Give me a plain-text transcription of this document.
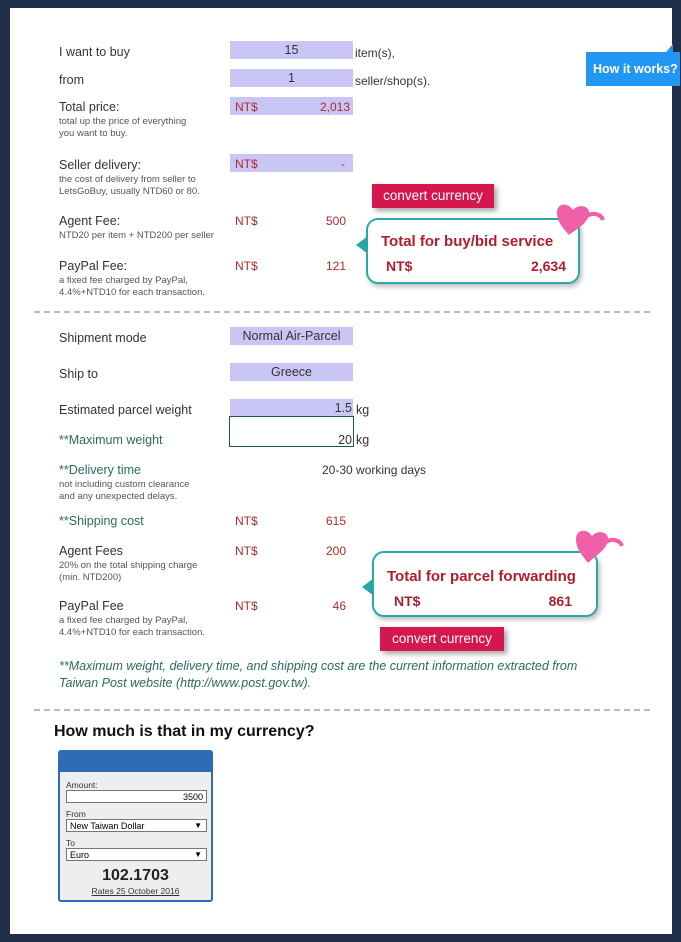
How it works?
I want to buy	15	item(s),
from	1	seller/shop(s).
Total price:
total up the price of everything
you want to buy.
NT$	2,013
Seller delivery:
the cost of delivery from seller to
LetsGoBuy, usually NTD60 or 80.
NT$	-
convert currency
Agent Fee:
NTD20 per item + NTD200 per seller
NT$	500
PayPal Fee:
a fixed fee charged by PayPal,
4.4%+NTD10 for each transaction.
NT$	121
Total for buy/bid service
NT$	2,634
Shipment mode	Normal Air-Parcel
Ship to	Greece
Estimated parcel weight	1.5 kg
**Maximum weight	20 kg
**Delivery time
not including custom clearance
and any unexpected delays.
20-30 working days
**Shipping cost	NT$	615
Agent Fees
20% on the total shipping charge
(min. NTD200)
NT$	200
PayPal Fee
a fixed fee charged by PayPal,
4.4%+NTD10 for each transaction.
NT$	46
Total for parcel forwarding
NT$	861
convert currency
**Maximum weight, delivery time, and shipping cost are the current information extracted from
Taiwan Post website (http://www.post.gov.tw).
How much is that in my currency?
Amount:
3500
From
New Taiwan Dollar	▼
To
Euro	▼
102.1703
Rates 25 October 2016
